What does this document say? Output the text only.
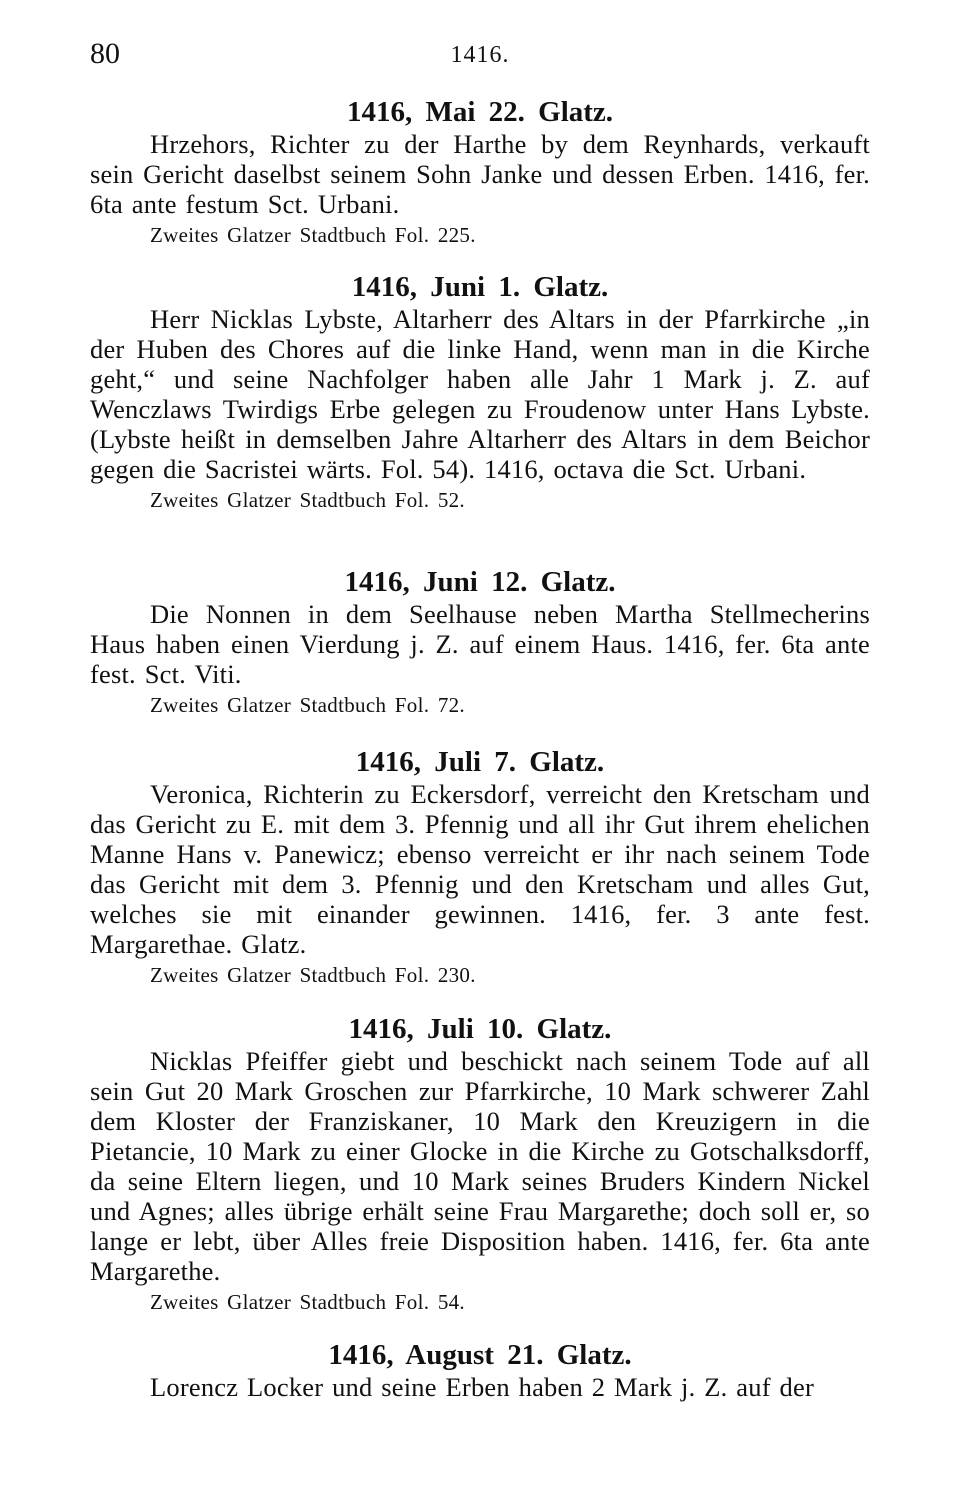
80	1416.
1416, Mai 22. Glatz.

Hrzehors, Richter zu der Harthe by dem Reynhards, verkauft sein Gericht daselbst seinem Sohn Janke und dessen Erben. 1416, fer. 6ta ante festum Sct. Urbani.

Zweites Glatzer Stadtbuch Fol. 225.
1416, Juni 1. Glatz.

Herr Nicklas Lybste, Altarherr des Altars in der Pfarrkirche „in der Huben des Chores auf die linke Hand, wenn man in die Kirche geht,“ und seine Nachfolger haben alle Jahr 1 Mark j. Z. auf Wenczlaws Twirdigs Erbe gelegen zu Froudenow unter Hans Lybste. (Lybste heißt in demselben Jahre Altarherr des Altars in dem Beichor gegen die Sacristei wärts. Fol. 54). 1416, octava die Sct. Urbani.

Zweites Glatzer Stadtbuch Fol. 52.
1416, Juni 12. Glatz.

Die Nonnen in dem Seelhause neben Martha Stellmecherins Haus haben einen Vierdung j. Z. auf einem Haus. 1416, fer. 6ta ante fest. Sct. Viti.

Zweites Glatzer Stadtbuch Fol. 72.
1416, Juli 7. Glatz.

Veronica, Richterin zu Eckersdorf, verreicht den Kretscham und das Gericht zu E. mit dem 3. Pfennig und all ihr Gut ihrem ehelichen Manne Hans v. Panewicz; ebenso verreicht er ihr nach seinem Tode das Gericht mit dem 3. Pfennig und den Kretscham und alles Gut, welches sie mit einander gewinnen. 1416, fer. 3 ante fest. Margarethae. Glatz.

Zweites Glatzer Stadtbuch Fol. 230.
1416, Juli 10. Glatz.

Nicklas Pfeiffer giebt und beschickt nach seinem Tode auf all sein Gut 20 Mark Groschen zur Pfarrkirche, 10 Mark schwerer Zahl dem Kloster der Franziskaner, 10 Mark den Kreuzigern in die Pietancie, 10 Mark zu einer Glocke in die Kirche zu Gotschalksdorff, da seine Eltern liegen, und 10 Mark seines Bruders Kindern Nickel und Agnes; alles übrige erhält seine Frau Margarethe; doch soll er, so lange er lebt, über Alles freie Disposition haben. 1416, fer. 6ta ante Margarethe.

Zweites Glatzer Stadtbuch Fol. 54.
1416, August 21. Glatz.

Lorencz Locker und seine Erben haben 2 Mark j. Z. auf der
